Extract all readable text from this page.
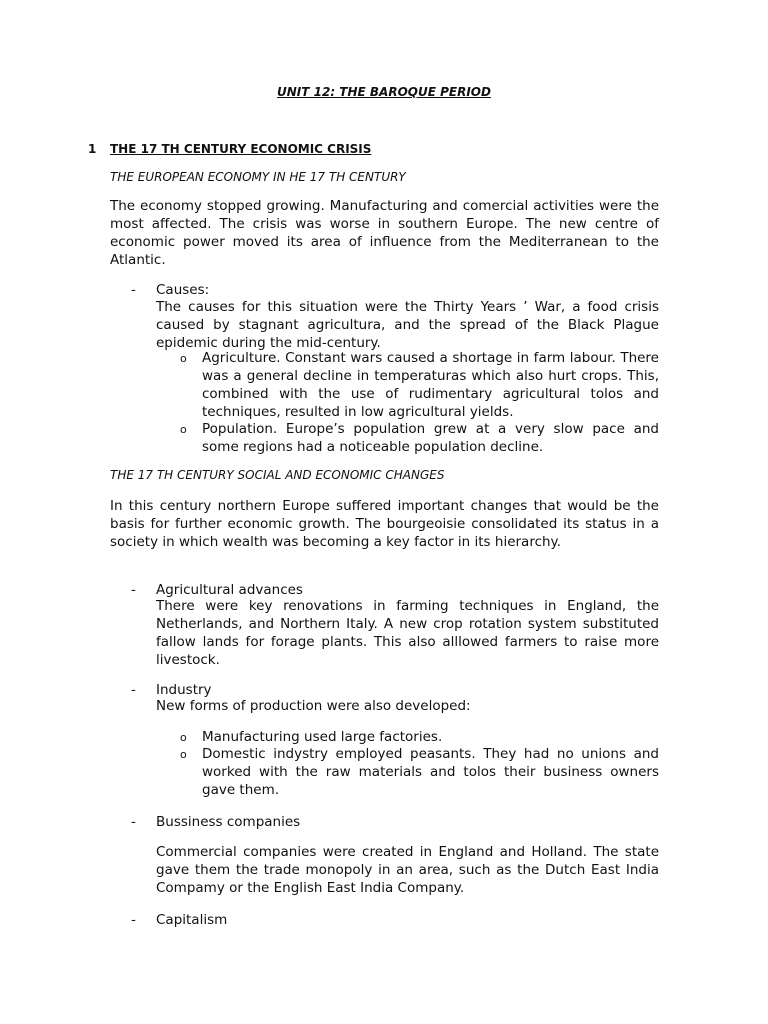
UNIT 12: THE BAROQUE PERIOD
1 THE 17 TH CENTURY ECONOMIC CRISIS
THE EUROPEAN ECONOMY IN HE 17 TH CENTURY
The economy stopped growing. Manufacturing and comercial activities were the most affected. The crisis was worse in southern Europe. The new centre of economic power moved its area of influence from the Mediterranean to the Atlantic.
- Causes:
The causes for this situation were the Thirty Years ’ War, a food crisis caused by stagnant agricultura, and the spread of the Black Plague epidemic during the mid-century.
o Agriculture. Constant wars caused a shortage in farm labour. There was a general decline in temperaturas which also hurt crops. This, combined with the use of rudimentary agricultural tolos and techniques, resulted in low agricultural yields.
o Population. Europe’s population grew at a very slow pace and some regions had a noticeable population decline.
THE 17 TH CENTURY SOCIAL AND ECONOMIC CHANGES
In this century northern Europe suffered important changes that would be the basis for further economic growth. The bourgeoisie consolidated its status in a society in which wealth was becoming a key factor in its hierarchy.
- Agricultural advances
There were key renovations in farming techniques in England, the Netherlands, and Northern Italy. A new crop rotation system substituted fallow lands for forage plants. This also alllowed farmers to raise more livestock.
- Industry
New forms of production were also developed:
o Manufacturing used large factories.
o Domestic indystry employed peasants. They had no unions and worked with the raw materials and tolos their business owners gave them.
- Bussiness companies
Commercial companies were created in England and Holland. The state gave them the trade monopoly in an area, such as the Dutch East India Compamy or the English East India Company.
- Capitalism
